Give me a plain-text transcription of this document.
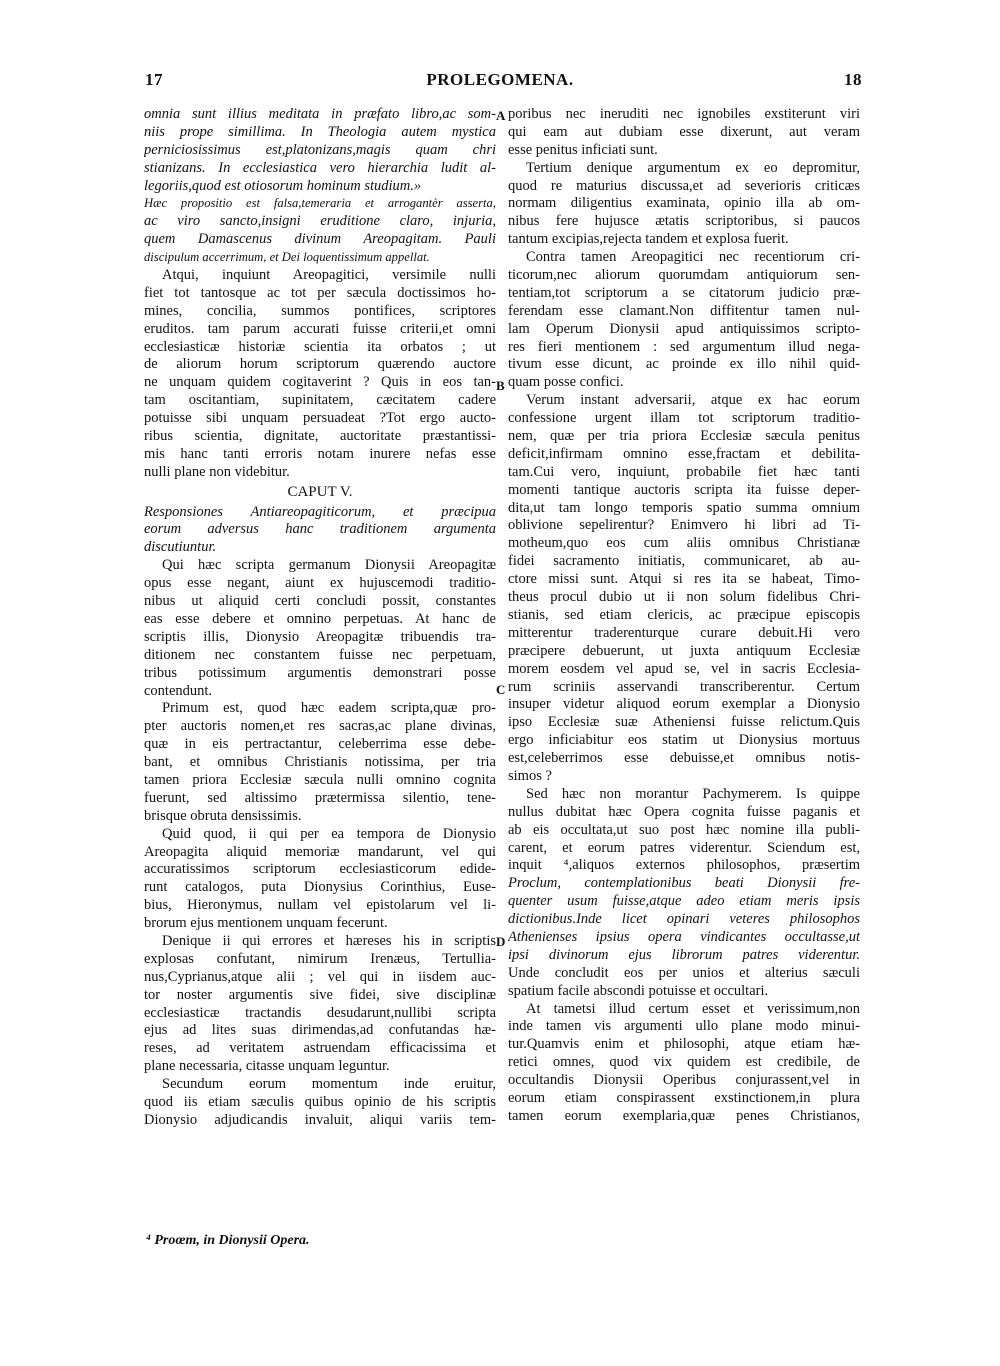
17	PROLEGOMENA.	18
omnia sunt illius meditata in præfato libro,ac som-
niis prope simillima. In Theologia autem mystica
perniciosissimus est,platonizans,magis quam chri
stianizans. In ecclesiastica vero hierarchia ludit al-
legoriis,quod est otiosorum hominum studium.»
Hæc propositio est falsa,temeraria et arrogantèr asserta,
ac viro sancto,insigni eruditione claro, injuria,
quem Damascenus divinum Areopagitam. Pauli
discipulum accerrimum, et Dei loquentissimum appellat.
Atqui, inquiunt Areopagitici, versimile nulli
fiet tot tantosque ac tot per sæcula doctissimos ho-
mines, concilia, summos pontifices, scriptores
eruditos. tam parum accurati fuisse criterii,et omni
ecclesiasticæ historiæ scientia ita orbatos ; ut
de aliorum horum scriptorum quærendo auctore
ne unquam quidem cogitaverint ? Quis in eos tan-
tam oscitantiam, supinitatem, cæcitatem cadere
potuisse sibi unquam persuadeat ?Tot ergo aucto-
ribus scientia, dignitate, auctoritate præstantissi-
mis hanc tanti erroris notam inurere nefas esse
nulli plane non videbitur.
CAPUT V.
Responsiones Antiareopagiticorum, et præcipua
eorum adversus hanc traditionem argumenta
discutiuntur.
Qui hæc scripta germanum Dionysii Areopagitæ
opus esse negant, aiunt ex hujuscemodi traditio-
nibus ut aliquid certi concludi possit, constantes
eas esse debere et omnino perpetuas. At hanc de
scriptis illis, Dionysio Areopagitæ tribuendis tra-
ditionem nec constantem fuisse nec perpetuam,
tribus potissimum argumentis demonstrari posse
contendunt.
Primum est, quod hæc eadem scripta,quæ pro-
pter auctoris nomen,et res sacras,ac plane divinas,
quæ in eis pertractantur, celeberrima esse debe-
bant, et omnibus Christianis notissima, per tria
tamen priora Ecclesiæ sæcula nulli omnino cognita
fuerunt, sed altissimo prætermissa silentio, tene-
brisque obruta densissimis.
Quid quod, ii qui per ea tempora de Dionysio
Areopagita aliquid memoriæ mandarunt, vel qui
accuratissimos scriptorum ecclesiasticorum edide-
runt catalogos, puta Dionysius Corinthius, Euse-
bius, Hieronymus, nullam vel epistolarum vel li-
brorum ejus mentionem unquam fecerunt.
Denique ii qui errores et hæreses his in scriptis
explosas confutant, nimirum Irenæus, Tertullia-
nus,Cyprianus,atque alii ; vel qui in iisdem auc-
tor noster argumentis sive fidei, sive disciplinæ
ecclesiasticæ tractandis desudarunt,nullibi scripta
ejus ad lites suas dirimendas,ad confutandas hæ-
reses, ad veritatem astruendam efficacissima et
plane necessaria, citasse unquam leguntur.
Secundum eorum momentum inde eruitur,
quod iis etiam sæculis quibus opinio de his scriptis
Dionysio adjudicandis invaluit, aliqui variis tem-
poribus nec ineruditi nec ignobiles exstiterunt viri
qui eam aut dubiam esse dixerunt, aut veram
esse penitus inficiati sunt.
Tertium denique argumentum ex eo depromitur,
quod re maturius discussa,et ad severioris criticæs
normam diligentius examinata, opinio illa ab om-
nibus fere hujusce ætatis scriptoribus, si paucos
tantum excipias,rejecta tandem et explosa fuerit.
Contra tamen Areopagitici nec recentiorum cri-
ticorum,nec aliorum quorumdam antiquiorum sen-
tentiam,tot scriptorum a se citatorum judicio præ-
ferendam esse clamant.Non diffitentur tamen nul-
lam Operum Dionysii apud antiquissimos scripto-
res fieri mentionem : sed argumentum illud nega-
tivum esse dicunt, ac proinde ex illo nihil quid-
quam posse confici.
Verum instant adversarii, atque ex hac eorum
confessione urgent illam tot scriptorum traditio-
nem, quæ per tria priora Ecclesiæ sæcula penitus
deficit,infirmam omnino esse,fractam et debilita-
tam.Cui vero, inquiunt, probabile fiet hæc tanti
momenti tantique auctoris scripta ita fuisse deper-
dita,ut tam longo temporis spatio summa omnium
oblivione sepelirentur? Enimvero hi libri ad Ti-
motheum,quo eos cum aliis omnibus Christianæ
fidei sacramento initiatis, communicaret, ab au-
ctore missi sunt. Atqui si res ita se habeat, Timo-
theus procul dubio ut ii non solum fidelibus Chri-
stianis, sed etiam clericis, ac præcipue episcopis
mitterentur traderenturque curare debuit.Hi vero
præcipere debuerunt, ut juxta antiquum Ecclesiæ
morem eosdem vel apud se, vel in sacris Ecclesia-
rum scriniis asservandi transcriberentur. Certum
insuper videtur aliquod eorum exemplar a Dionysio
ipso Ecclesiæ suæ Atheniensi fuisse relictum.Quis
ergo inficiabitur eos statim ut Dionysius mortuus
est,celeberrimos esse debuisse,et omnibus notis-
simos ?
Sed hæc non morantur Pachymerem. Is quippe
nullus dubitat hæc Opera cognita fuisse paganis et
ab eis occultata,ut suo post hæc nomine illa publi-
carent, et eorum patres viderentur. Sciendum est,
inquit ⁴,aliquos externos philosophos, præsertim
Proclum, contemplationibus beati Dionysii fre-
quenter usum fuisse,atque adeo etiam meris ipsis
dictionibus.Inde licet opinari veteres philosophos
Athenienses ipsius opera vindicantes occultasse,ut
ipsi divinorum ejus librorum patres viderentur.
Unde concludit eos per unios et alterius sæculi
spatium facile abscondi potuisse et occultari.
At tametsi illud certum esset et verissimum,non
inde tamen vis argumenti ullo plane modo minui-
tur.Quamvis enim et philosophi, atque etiam hæ-
retici omnes, quod vix quidem est credibile, de
occultandis Dionysii Operibus conjurassent,vel in
eorum etiam conspirassent exstinctionem,in plura
tamen eorum exemplaria,quæ penes Christianos,
A
B
C
D
⁴ Proœm, in Dionysii Opera.
